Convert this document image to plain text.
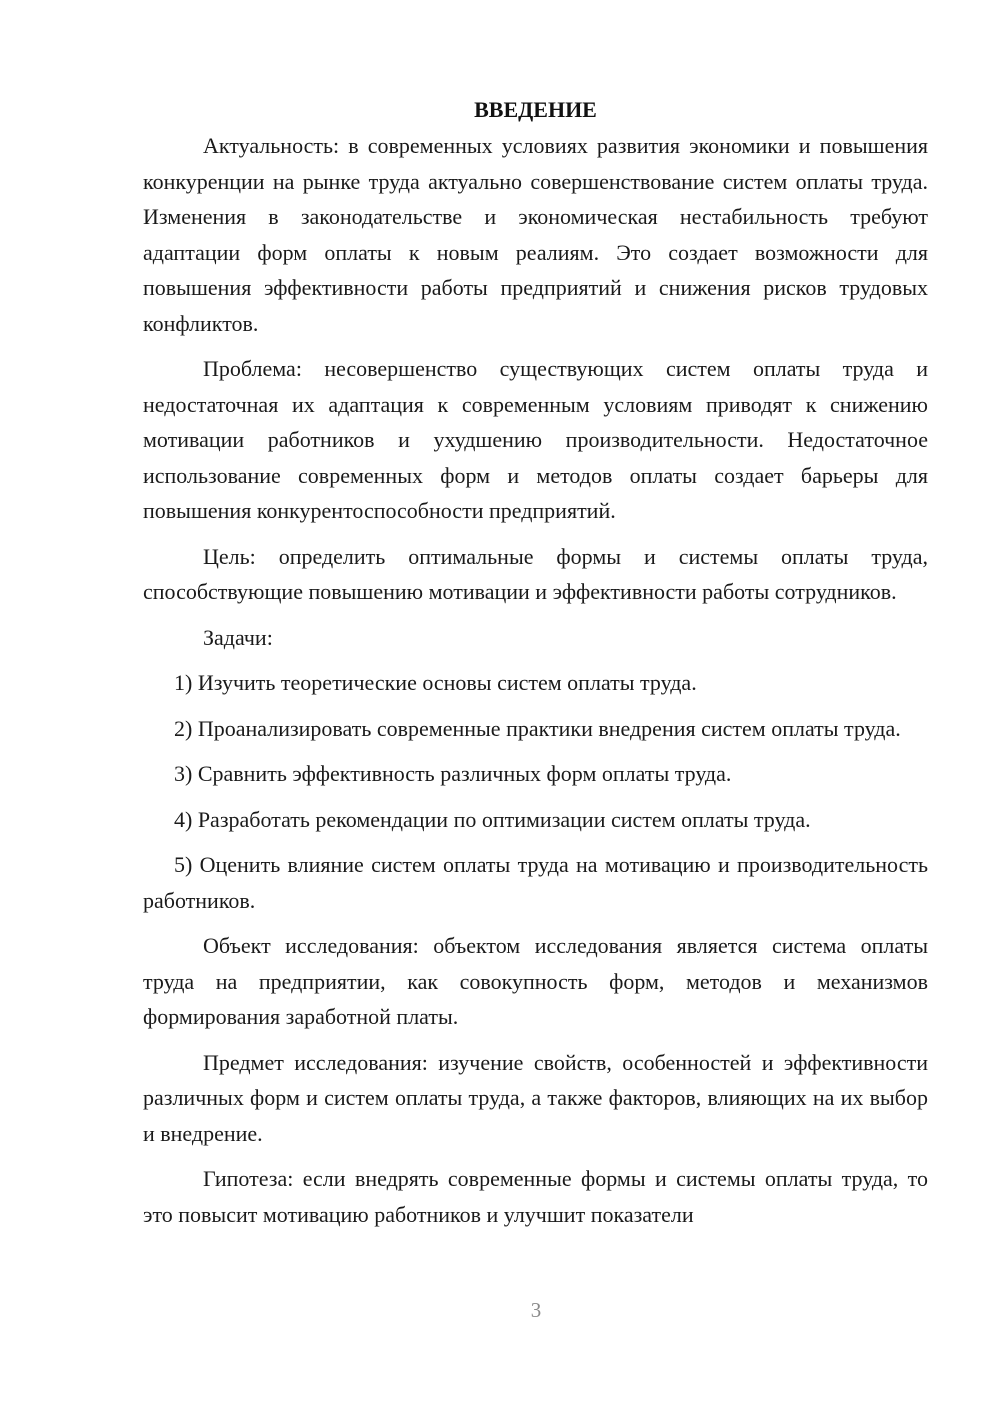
ВВЕДЕНИЕ

Актуальность: в современных условиях развития экономики и повышения конкуренции на рынке труда актуально совершенствование систем оплаты труда. Изменения в законодательстве и экономическая нестабильность требуют адаптации форм оплаты к новым реалиям. Это создает возможности для повышения эффективности работы предприятий и снижения рисков трудовых конфликтов.

Проблема: несовершенство существующих систем оплаты труда и недостаточная их адаптация к современным условиям приводят к снижению мотивации работников и ухудшению производительности. Недостаточное использование современных форм и методов оплаты создает барьеры для повышения конкурентоспособности предприятий.

Цель: определить оптимальные формы и системы оплаты труда, способствующие повышению мотивации и эффективности работы сотрудников.

Задачи:

1) Изучить теоретические основы систем оплаты труда.

2) Проанализировать современные практики внедрения систем оплаты труда.

3) Сравнить эффективность различных форм оплаты труда.

4) Разработать рекомендации по оптимизации систем оплаты труда.

5) Оценить влияние систем оплаты труда на мотивацию и производительность работников.

Объект исследования: объектом исследования является система оплаты труда на предприятии, как совокупность форм, методов и механизмов формирования заработной платы.

Предмет исследования: изучение свойств, особенностей и эффективности различных форм и систем оплаты труда, а также факторов, влияющих на их выбор и внедрение.

Гипотеза: если внедрять современные формы и системы оплаты труда, то это повысит мотивацию работников и улучшит показатели

3
